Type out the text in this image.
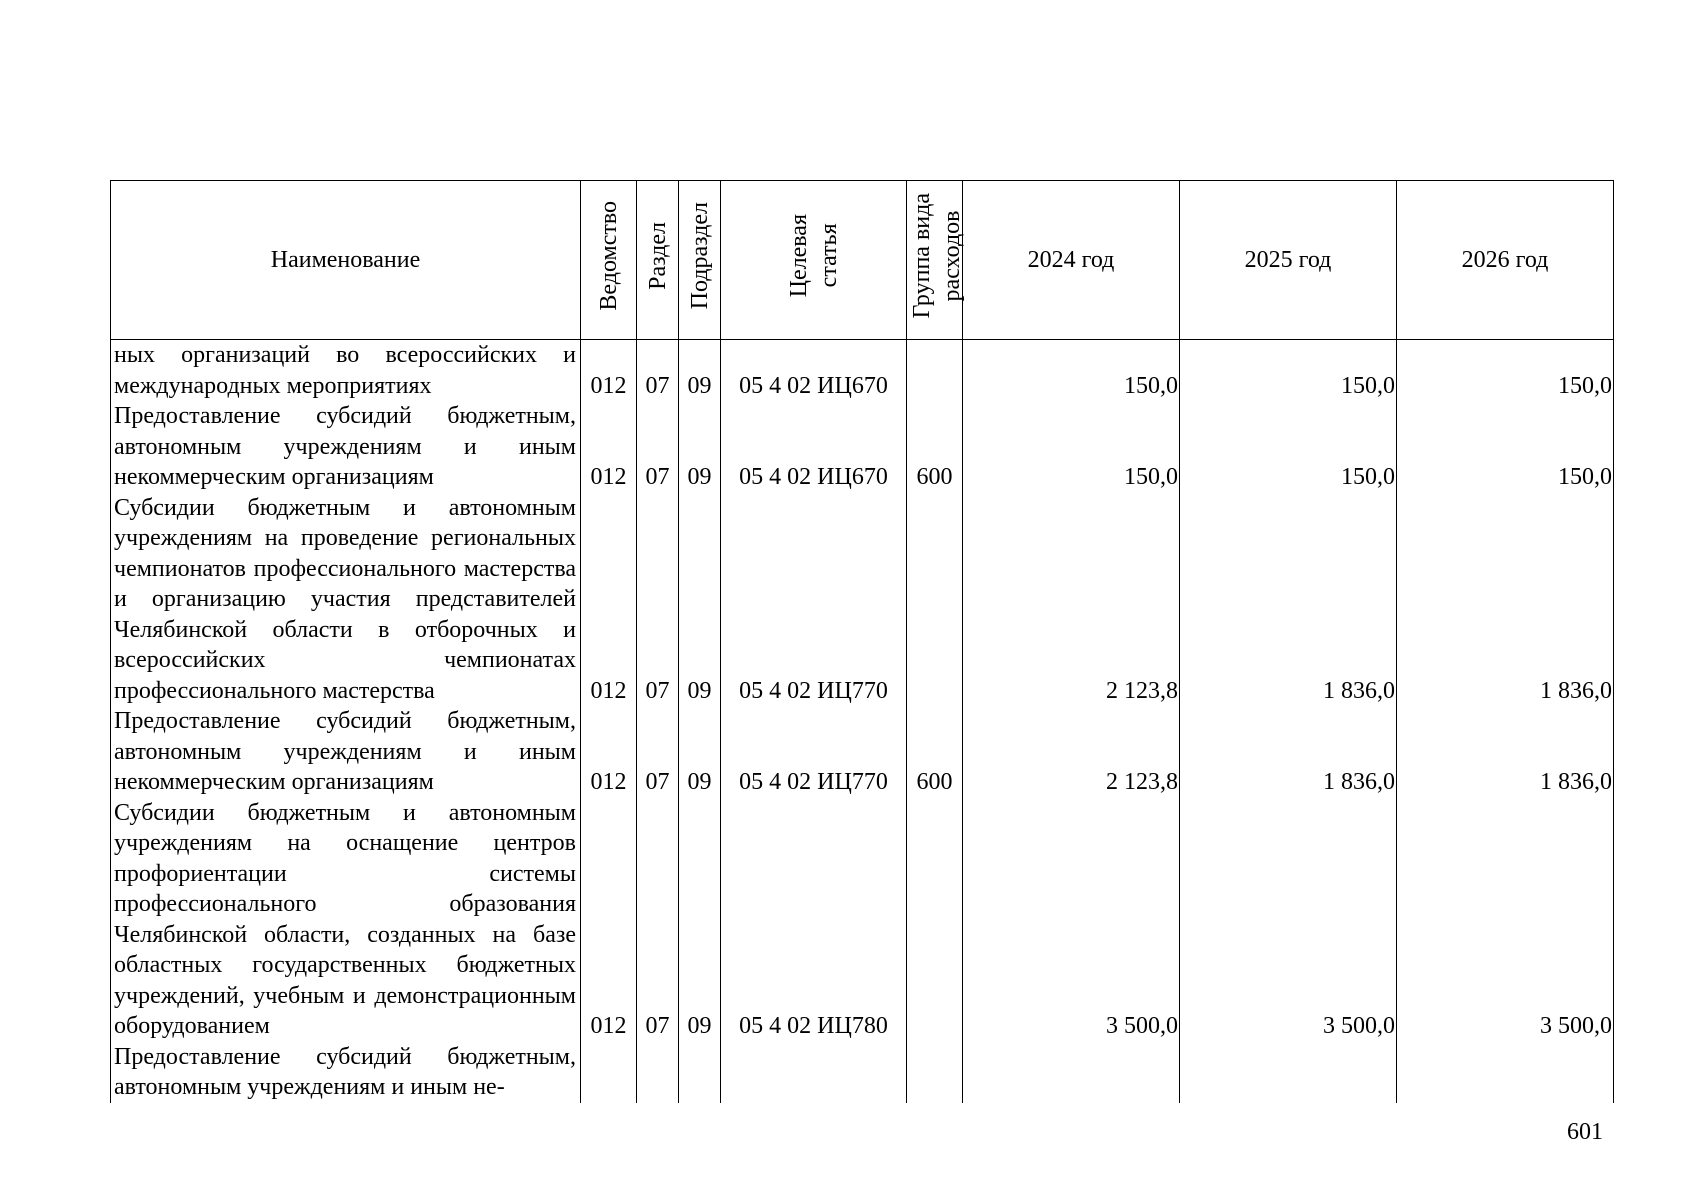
Наименование	Ведомство	Раздел	Подраздел	Целевая статья	Группа вида расходов	2024 год	2025 год	2026 год
ных организаций во всероссийских и международных мероприятиях	012	07	09	05 4 02 ИЦ670		150,0	150,0	150,0
Предоставление субсидий бюджетным, автономным учреждениям и иным некоммерческим организациям	012	07	09	05 4 02 ИЦ670	600	150,0	150,0	150,0
Субсидии бюджетным и автономным учреждениям на проведение региональных чемпионатов профессионального мастерства и организацию участия представителей Челябинской области в отборочных и всероссийских чемпионатах профессионального мастерства	012	07	09	05 4 02 ИЦ770		2 123,8	1 836,0	1 836,0
Предоставление субсидий бюджетным, автономным учреждениям и иным некоммерческим организациям	012	07	09	05 4 02 ИЦ770	600	2 123,8	1 836,0	1 836,0
Субсидии бюджетным и автономным учреждениям на оснащение центров профориентации системы профессионального образования Челябинской области, созданных на базе областных государственных бюджетных учреждений, учебным и демонстрационным оборудованием	012	07	09	05 4 02 ИЦ780		3 500,0	3 500,0	3 500,0
Предоставление субсидий бюджетным, автономным учреждениям и иным не-								
601
